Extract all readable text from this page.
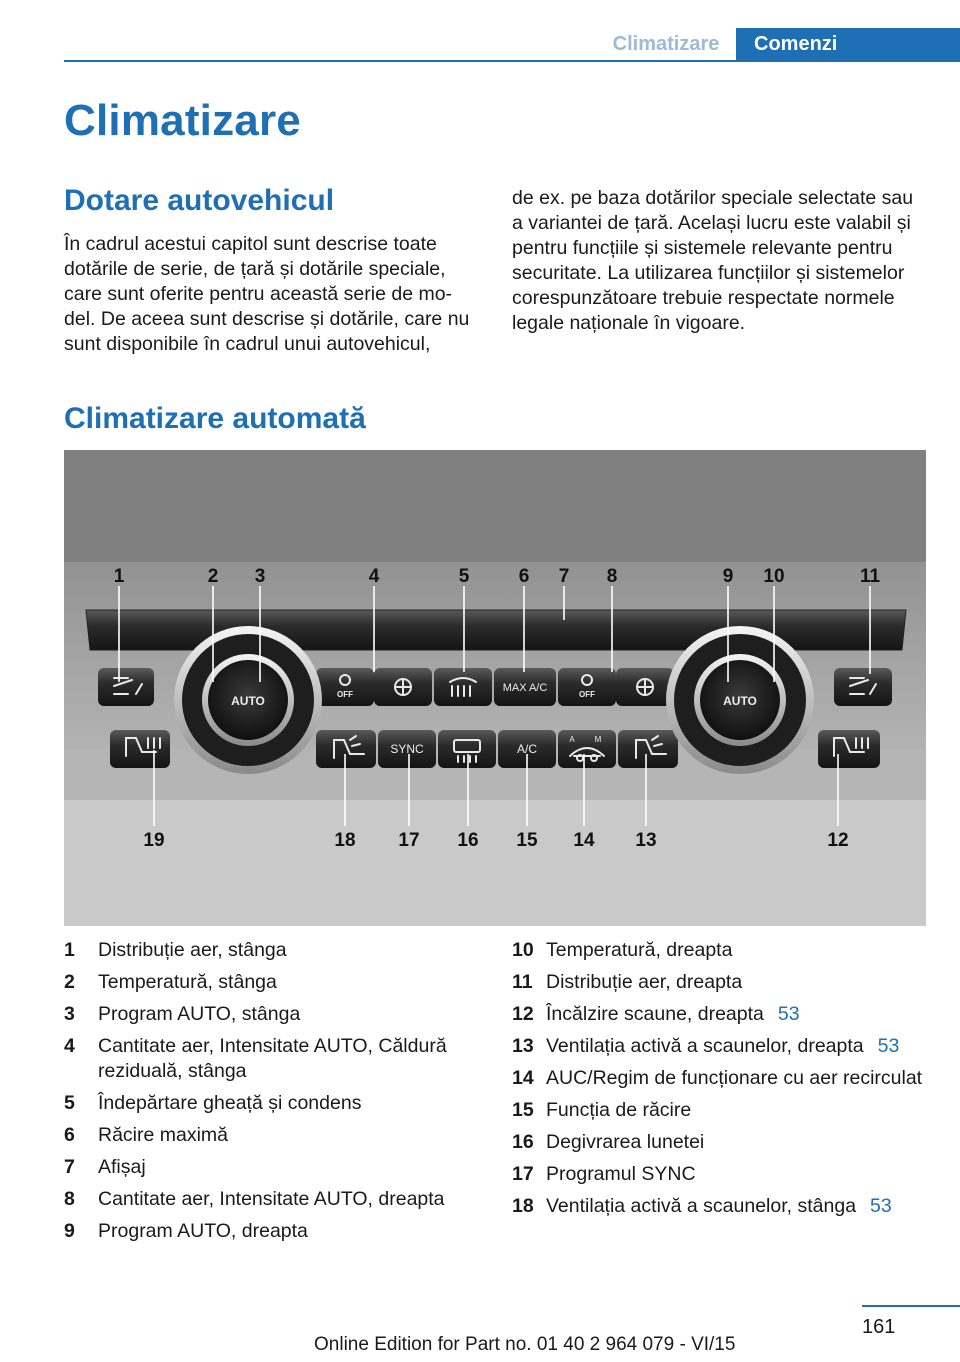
Climatizare	Comenzi
Climatizare
Dotare autovehicul

În cadrul acestui capitol sunt descrise toate dotările de serie, de țară și dotările speciale, care sunt oferite pentru această serie de model. De aceea sunt descrise și dotările, care nu sunt disponibile în cadrul unui autovehicul,

de ex. pe baza dotărilor speciale selectate sau a variantei de țară. Același lucru este valabil și pentru funcțiile și sistemele relevante pentru securitate. La utilizarea funcțiilor și sistemelor corespunzătoare trebuie respectate normele legale naționale în vigoare.

Climatizare automată
AUTO	AUTO
OFF	OFF
MAX A/C
SYNC	A/C
A M
1	2 3	4	5	6 7 8	9 10	11
19	18 17 16 15 14 13	12
1	Distribuție aer, stânga
2	Temperatură, stânga
3	Program AUTO, stânga
4	Cantitate aer, Intensitate AUTO, Căldură reziduală, stânga
5	Îndepărtare gheață și condens
6	Răcire maximă
7	Afișaj
8	Cantitate aer, Intensitate AUTO, dreapta
9	Program AUTO, dreapta
10 Temperatură, dreapta
11 Distribuție aer, dreapta
12 Încălzire scaune, dreapta 53
13 Ventilația activă a scaunelor, dreapta 53
14 AUC/Regim de funcționare cu aer recirculat
15 Funcția de răcire
16 Degivrarea lunetei
17 Programul SYNC
18 Ventilația activă a scaunelor, stânga 53
161
Online Edition for Part no. 01 40 2 964 079 - VI/15
